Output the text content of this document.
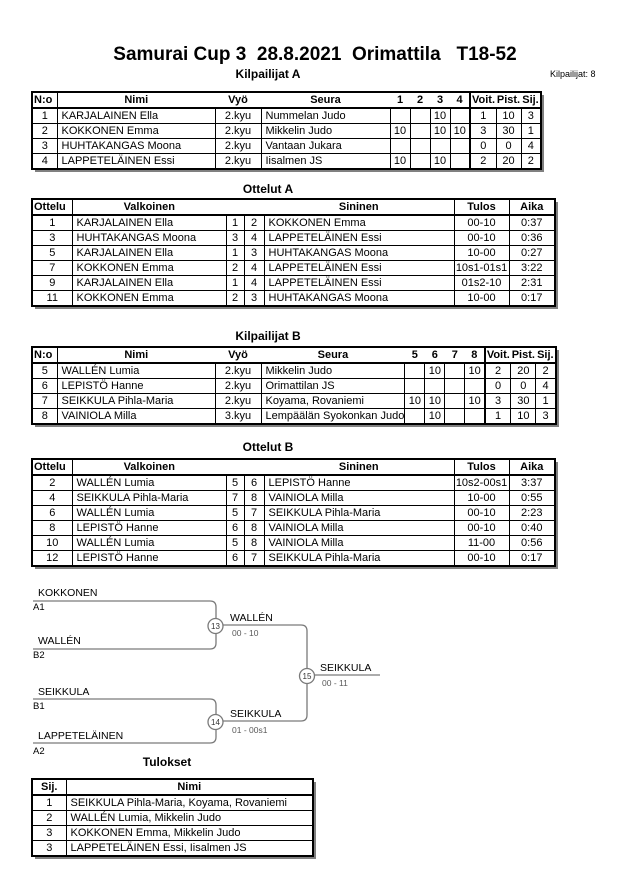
Samurai Cup 3  28.8.2021  Orimattila   T18-52
Kilpailijat: 8
Kilpailijat A
N:o	Nimi	Vyö	Seura	1	2	3	4	Voit.	Pist.	Sij.
1	KARJALAINEN Ella	2.kyu	Nummelan Judo			10		1	10	3
2	KOKKONEN Emma	2.kyu	Mikkelin Judo	10		10	10	3	30	1
3	HUHTAKANGAS Moona	2.kyu	Vantaan Jukara					0	0	4
4	LAPPETELÄINEN Essi	2.kyu	Iisalmen JS	10		10		2	20	2
Ottelut A
Ottelu	Valkoinen			Sininen	Tulos	Aika
1	KARJALAINEN Ella	1	2	KOKKONEN Emma	00-10	0:37
3	HUHTAKANGAS Moona	3	4	LAPPETELÄINEN Essi	00-10	0:36
5	KARJALAINEN Ella	1	3	HUHTAKANGAS Moona	10-00	0:27
7	KOKKONEN Emma	2	4	LAPPETELÄINEN Essi	10s1-01s1	3:22
9	KARJALAINEN Ella	1	4	LAPPETELÄINEN Essi	01s2-10	2:31
11	KOKKONEN Emma	2	3	HUHTAKANGAS Moona	10-00	0:17
Kilpailijat B
N:o	Nimi	Vyö	Seura	5	6	7	8	Voit.	Pist.	Sij.
5	WALLÉN Lumia	2.kyu	Mikkelin Judo		10		10	2	20	2
6	LEPISTÖ Hanne	2.kyu	Orimattilan JS					0	0	4
7	SEIKKULA Pihla-Maria	2.kyu	Koyama, Rovaniemi	10	10		10	3	30	1
8	VAINIOLA Milla	3.kyu	Lempäälän Syokonkan Judo		10			1	10	3
Ottelut B
Ottelu	Valkoinen			Sininen	Tulos	Aika
2	WALLÉN Lumia	5	6	LEPISTÖ Hanne	10s2-00s1	3:37
4	SEIKKULA Pihla-Maria	7	8	VAINIOLA Milla	10-00	0:55
6	WALLÉN Lumia	5	7	SEIKKULA Pihla-Maria	00-10	2:23
8	LEPISTÖ Hanne	6	8	VAINIOLA Milla	00-10	0:40
10	WALLÉN Lumia	5	8	VAINIOLA Milla	11-00	0:56
12	LEPISTÖ Hanne	6	7	SEIKKULA Pihla-Maria	00-10	0:17
KOKKONEN
A1
WALLÉN
B2
13
WALLÉN
00 - 10
SEIKKULA
B1
LAPPETELÄINEN
A2
14
SEIKKULA
01 - 00s1
15
SEIKKULA
00 - 11
Tulokset
Sij.	Nimi
1	SEIKKULA Pihla-Maria, Koyama, Rovaniemi
2	WALLÉN Lumia, Mikkelin Judo
3	KOKKONEN Emma, Mikkelin Judo
3	LAPPETELÄINEN Essi, Iisalmen JS
